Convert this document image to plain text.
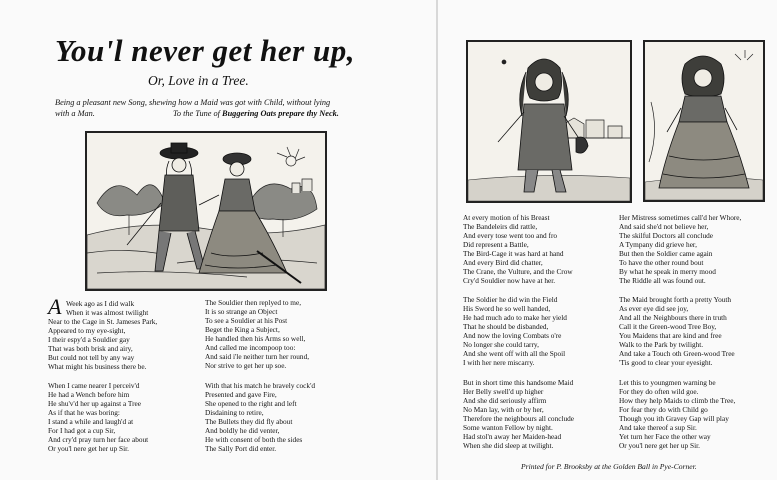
You'l never get her up,
Or, Love in a Tree.
Being a pleasant new Song, shewing how a Maid was got with Child, without lying
with a Man.	To the Tune of Buggering Oats prepare thy Neck.
A Week ago as I did walk
When it was almost twilight
Near to the Cage in St. Jameses Park,
Appeared to my eye-sight,
I their espy'd a Souldier gay
That was both brisk and airy,
But could not tell by any way
What might his business there be.
When I came nearer I perceiv'd
He had a Wench before him
He shu'v'd her up against a Tree
As if that he was boring:
I stand a while and laugh'd at
For I had got a cup Sir,
And cry'd pray turn her face about
Or you'l nere get her up Sir.
The Souldier then replyed to me,
It is so strange an Object
To see a Souldier at his Post
Beget the King a Subject,
He handled then his Arms so well,
And called me incompoop too:
And said i'le neither turn her round,
Nor strive to get her up soe.
With that his match he bravely cock'd
Presented and gave Fire,
She opened to the right and left
Disdaining to retire,
The Bullets they did fly about
And boldly he did venter,
He with consent of both the sides
The Sally Port did enter.
At every motion of his Breast
The Bandeleirs did rattle,
And every tose went too and fro
Did represent a Battle,
The Bird-Cage it was hard at hand
And every Bird did chatter,
The Crane, the Vulture, and the Crow
Cry'd Souldier now have at her.
The Soldier he did win the Field
His Sword he so well handed,
He had much ado to make her yield
That he should be disbanded,
And now the loving Combats o're
No longer she could tarry,
And she went off with all the Spoil
I with her nere miscarry.
But in short time this handsome Maid
Her Belly swell'd up higher
And she did seriously affirm
No Man lay, with or by her,
Therefore the neighbours all conclude
Some wanton Fellow by night.
Had stol'n away her Maiden-head
When she did sleep at twilight.
Her Mistress sometimes call'd her Whore,
And said she'd not believe her,
The skilful Doctors all conclude
A Tympany did grieve her,
But then the Soldier came again
To have the other round bout
By what he speak in merry mood
The Riddle all was found out.
The Maid brought forth a pretty Youth
As ever eye did see joy,
And all the Neighbours there in truth
Call it the Green-wood Tree Boy,
You Maidens that are kind and free
Walk to the Park by twilight.
And take a Touch oth Green-wood Tree
'Tis good to clear your eyesight.
Let this to youngmen warning be
For they do often wild goe.
How they help Maids to climb the Tree,
For fear they do with Child go
Though you ith Gravey Gap will play
And take thereof a sup Sir.
Yet turn her Face the other way
Or you'l nere get her up Sir.
Printed for P. Brooksby at the Golden Ball in Pye-Corner.
